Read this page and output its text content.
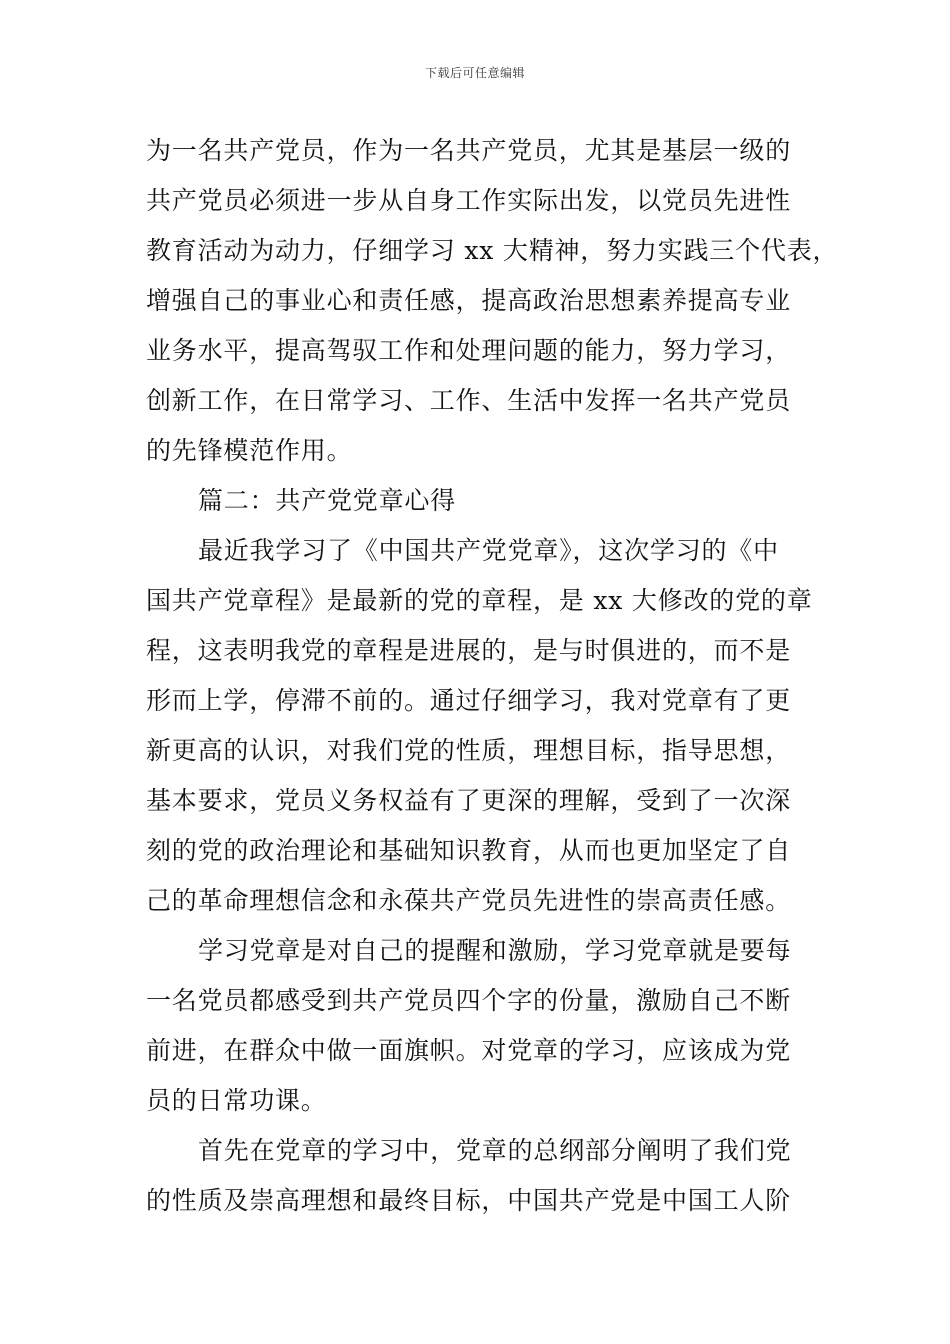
下载后可任意编辑
为一名共产党员，作为一名共产党员，尤其是基层一级的
共产党员必须进一步从自身工作实际出发，以党员先进性
教育活动为动力，仔细学习 xx 大精神，努力实践三个代表，
增强自己的事业心和责任感，提高政治思想素养提高专业
业务水平，提高驾驭工作和处理问题的能力，努力学习，
创新工作，在日常学习、工作、生活中发挥一名共产党员
的先锋模范作用。
篇二：共产党党章心得
最近我学习了《中国共产党党章》，这次学习的《中
国共产党章程》是最新的党的章程，是 xx 大修改的党的章
程，这表明我党的章程是进展的，是与时俱进的，而不是
形而上学，停滞不前的。通过仔细学习，我对党章有了更
新更高的认识，对我们党的性质，理想目标，指导思想，
基本要求，党员义务权益有了更深的理解，受到了一次深
刻的党的政治理论和基础知识教育，从而也更加坚定了自
己的革命理想信念和永葆共产党员先进性的崇高责任感。
学习党章是对自己的提醒和激励，学习党章就是要每
一名党员都感受到共产党员四个字的份量，激励自己不断
前进，在群众中做一面旗帜。对党章的学习，应该成为党
员的日常功课。
首先在党章的学习中，党章的总纲部分阐明了我们党
的性质及崇高理想和最终目标，中国共产党是中国工人阶
